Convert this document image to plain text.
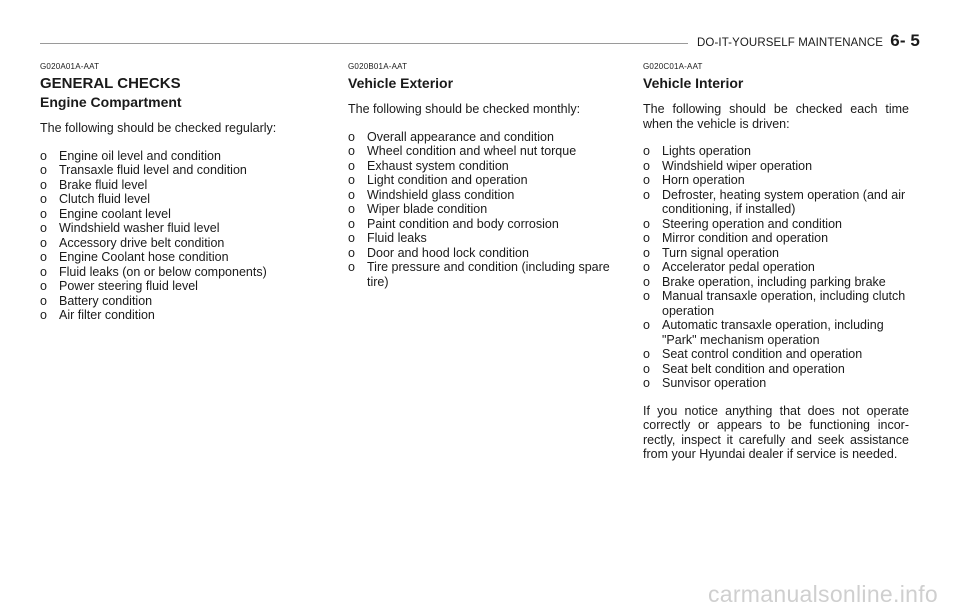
DO-IT-YOURSELF MAINTENANCE 6- 5
G020A01A-AAT
GENERAL CHECKS
Engine Compartment

The following should be checked regularly:

o Engine oil level and condition
o Transaxle fluid level and condition
o Brake fluid level
o Clutch fluid level
o Engine coolant level
o Windshield washer fluid level
o Accessory drive belt condition
o Engine Coolant hose condition
o Fluid leaks (on or below components)
o Power steering fluid level
o Battery condition
o Air filter condition
G020B01A-AAT
Vehicle Exterior

The following should be checked monthly:

o Overall appearance and condition
o Wheel condition and wheel nut torque
o Exhaust system condition
o Light condition and operation
o Windshield glass condition
o Wiper blade condition
o Paint condition and body corrosion
o Fluid leaks
o Door and hood lock condition
o Tire pressure and condition (including spare tire)
G020C01A-AAT
Vehicle Interior

The following should be checked each time when the vehicle is driven:

o Lights operation
o Windshield wiper operation
o Horn operation
o Defroster, heating system operation (and air conditioning, if installed)
o Steering operation and condition
o Mirror condition and operation
o Turn signal operation
o Accelerator pedal operation
o Brake operation, including parking brake
o Manual transaxle operation, including clutch operation
o Automatic transaxle operation, including "Park" mechanism operation
o Seat control condition and operation
o Seat belt condition and operation
o Sunvisor operation

If you notice anything that does not operate correctly or appears to be functioning incor- rectly, inspect it carefully and seek assistance from your Hyundai dealer if service is needed.

carmanualsonline.info
